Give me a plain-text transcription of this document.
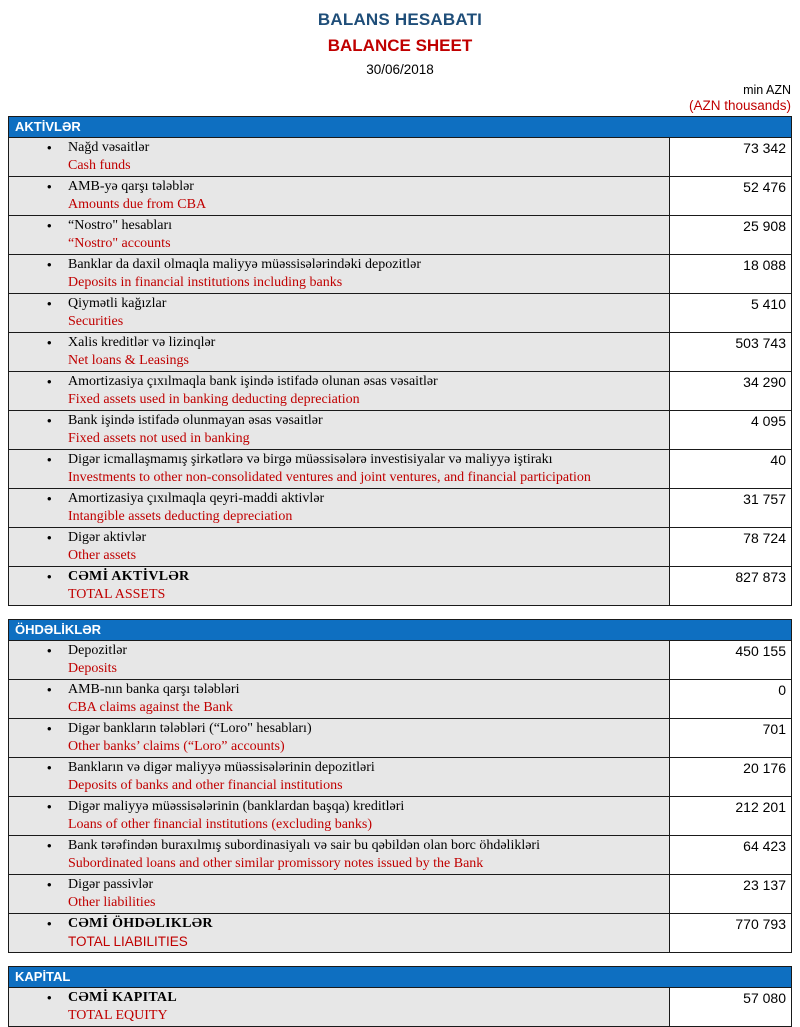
BALANS HESABATI
BALANCE SHEET
30/06/2018
min AZN
(AZN thousands)
AKTİVLƏR
• Nağd vəsaitlər
Cash funds
73 342
• AMB-yə qarşı tələblər
Amounts due from CBA
52 476
• “Nostro" hesabları
“Nostro" accounts
25 908
• Banklar da daxil olmaqla maliyyə müəssisələrindəki depozitlər
Deposits in financial institutions including banks
18 088
• Qiymətli kağızlar
Securities
5 410
• Xalis kreditlər və lizinqlər
Net loans & Leasings
503 743
• Amortizasiya çıxılmaqla bank işində istifadə olunan əsas vəsaitlər
Fixed assets used in banking deducting depreciation
34 290
• Bank işində istifadə olunmayan əsas vəsaitlər
Fixed assets not used in banking
4 095
• Digər icmallaşmamış şirkətlərə və birgə müəssisələrə investisiyalar və maliyyə iştirakı
Investments to other non-consolidated ventures and joint ventures, and financial participation
40
• Amortizasiya çıxılmaqla qeyri-maddi aktivlər
Intangible assets deducting depreciation
31 757
• Digər aktivlər
Other assets
78 724
• CƏMİ AKTİVLƏR
TOTAL ASSETS
827 873
ÖHDƏLİKLƏR
• Depozitlər
Deposits
450 155
• AMB-nın banka qarşı tələbləri
CBA claims against the Bank
0
• Digər bankların tələbləri (“Loro" hesabları)
Other banks’ claims (“Loro” accounts)
701
• Bankların və digər maliyyə müəssisələrinin depozitləri
Deposits of banks and other financial institutions
20 176
• Digər maliyyə müəssisələrinin (banklardan başqa) kreditləri
Loans of other financial institutions (excluding banks)
212 201
• Bank tərəfindən buraxılmış subordinasiyalı və sair bu qəbildən olan borc öhdəlikləri
Subordinated loans and other similar promissory notes issued by the Bank
64 423
• Digər passivlər
Other liabilities
23 137
• CƏMİ ÖHDƏLIKLƏR
TOTAL LIABILITIES
770 793
KAPİTAL
• CƏMİ KAPITAL
TOTAL EQUITY
57 080
